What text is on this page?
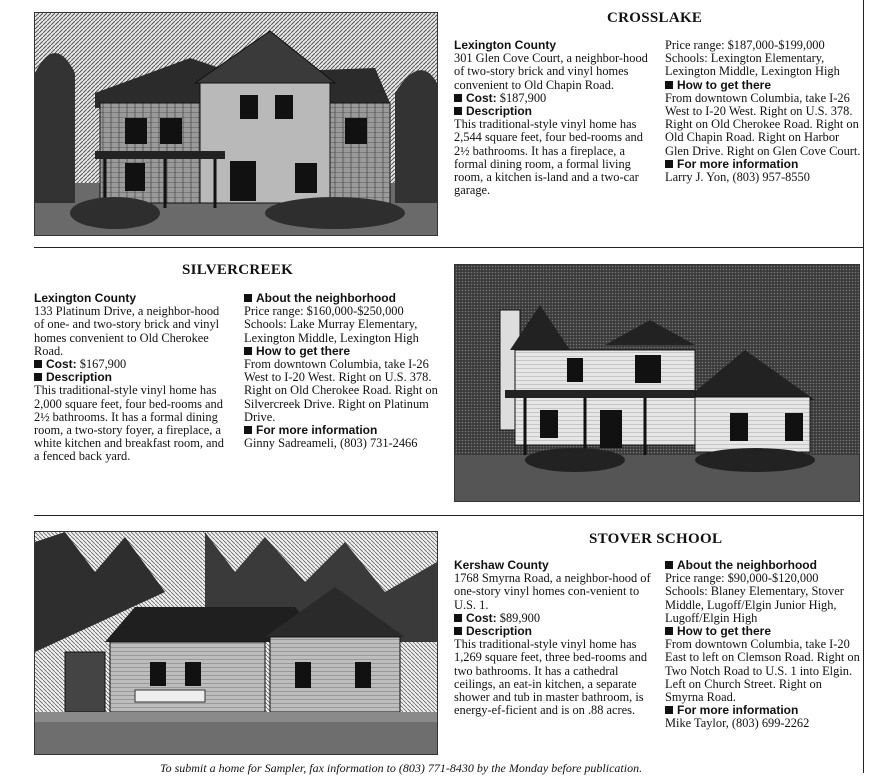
CROSSLAKE

Lexington County

301 Glen Cove Court, a neighbor-hood of two-story brick and vinyl homes convenient to Old Chapin Road.

Cost: $187,900

Description

This traditional-style vinyl home has 2,544 square feet, four bed-rooms and 2½ bathrooms. It has a fireplace, a formal dining room, a formal living room, a kitchen is-land and a two-car garage.

Price range: $187,000-$199,000

Schools: Lexington Elementary, Lexington Middle, Lexington High

How to get there

From downtown Columbia, take I-26 West to I-20 West. Right on U.S. 378. Right on Old Cherokee Road. Right on Old Chapin Road. Right on Harbor Glen Drive. Right on Glen Cove Court.

For more information

Larry J. Yon, (803) 957-8550

SILVERCREEK

Lexington County

133 Platinum Drive, a neighbor-hood of one- and two-story brick and vinyl homes convenient to Old Cherokee Road.

Cost: $167,900

Description

This traditional-style vinyl home has 2,000 square feet, four bed-rooms and 2½ bathrooms. It has a formal dining room, a two-story foyer, a fireplace, a white kitchen and breakfast room, and a fenced back yard.

About the neighborhood

Price range: $160,000-$250,000

Schools: Lake Murray Elementary, Lexington Middle, Lexington High

How to get there

From downtown Columbia, take I-26 West to I-20 West. Right on U.S. 378. Right on Old Cherokee Road. Right on Silvercreek Drive. Right on Platinum Drive.

For more information

Ginny Sadreameli, (803) 731-2466

STOVER SCHOOL

Kershaw County

1768 Smyrna Road, a neighbor-hood of one-story vinyl homes con-venient to U.S. 1.

Cost: $89,900

Description

This traditional-style vinyl home has 1,269 square feet, three bed-rooms and two bathrooms. It has a cathedral ceilings, an eat-in kitchen, a separate shower and tub in master bathroom, is energy-ef-ficient and is on .88 acres.

About the neighborhood

Price range: $90,000-$120,000

Schools: Blaney Elementary, Stover Middle, Lugoff/Elgin Junior High, Lugoff/Elgin High

How to get there

From downtown Columbia, take I-20 East to left on Clemson Road. Right on Two Notch Road to U.S. 1 into Elgin. Left on Church Street. Right on Smyrna Road.

For more information

Mike Taylor, (803) 699-2262

To submit a home for Sampler, fax information to (803) 771-8430 by the Monday before publication.
